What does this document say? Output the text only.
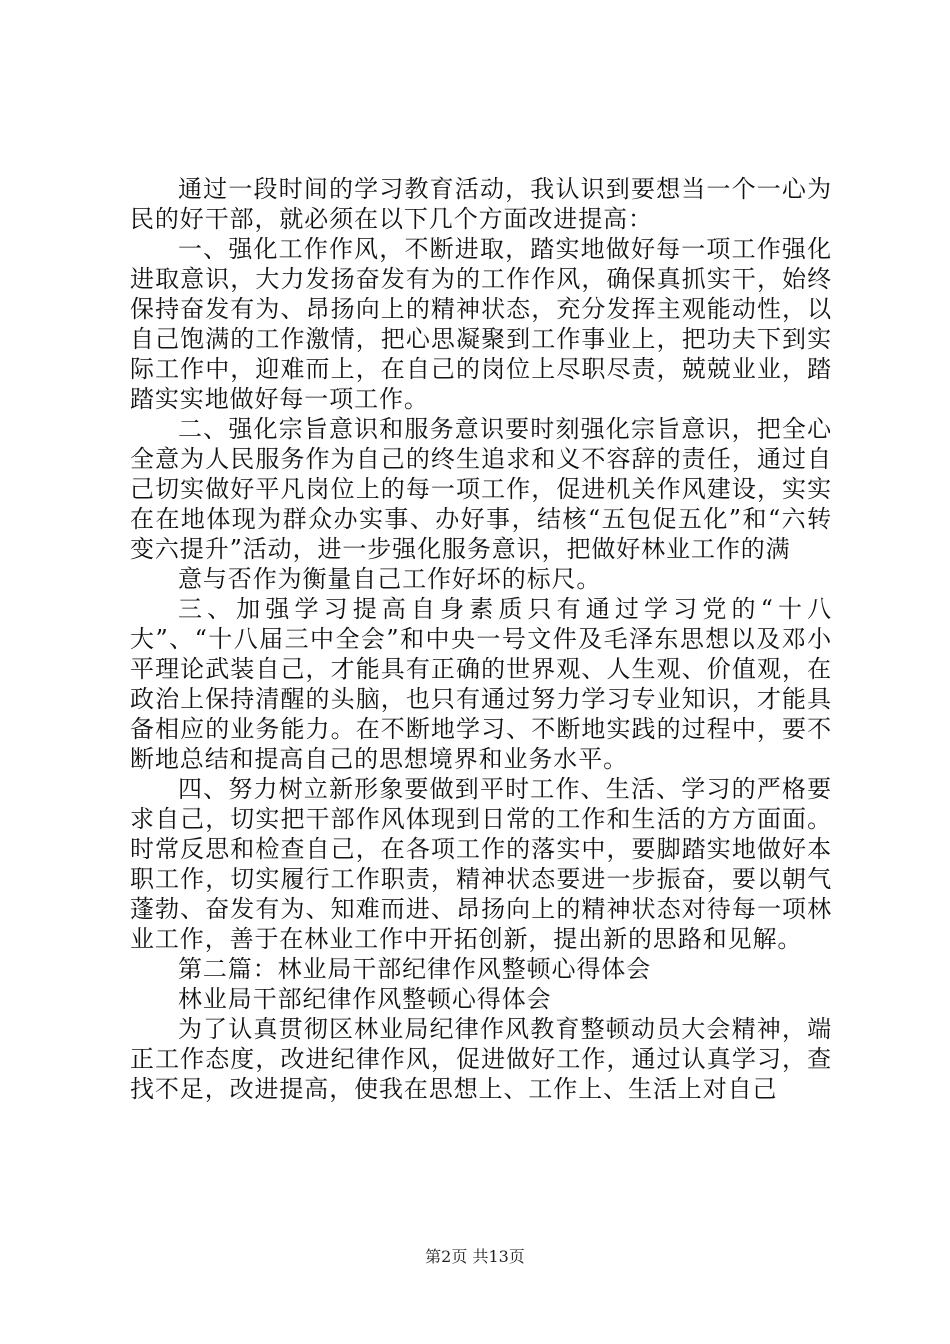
通过一段时间的学习教育活动，我认识到要想当一个一心为民的好干部，就必须在以下几个方面改进提高：

一、强化工作作风，不断进取，踏实地做好每一项工作强化进取意识，大力发扬奋发有为的工作作风，确保真抓实干，始终保持奋发有为、昂扬向上的精神状态，充分发挥主观能动性，以自己饱满的工作激情，把心思凝聚到工作事业上，把功夫下到实际工作中，迎难而上，在自己的岗位上尽职尽责，兢兢业业，踏踏实实地做好每一项工作。

二、强化宗旨意识和服务意识要时刻强化宗旨意识，把全心全意为人民服务作为自己的终生追求和义不容辞的责任，通过自己切实做好平凡岗位上的每一项工作，促进机关作风建设，实实在在地体现为群众办实事、办好事，结核“五包促五化”和“六转变六提升”活动，进一步强化服务意识，把做好林业工作的满

意与否作为衡量自己工作好坏的标尺。

三、加强学习提高自身素质只有通过学习党的“十八大”、“十八届三中全会”和中央一号文件及毛泽东思想以及邓小平理论武装自己，才能具有正确的世界观、人生观、价值观，在政治上保持清醒的头脑，也只有通过努力学习专业知识，才能具备相应的业务能力。在不断地学习、不断地实践的过程中，要不断地总结和提高自己的思想境界和业务水平。

四、努力树立新形象要做到平时工作、生活、学习的严格要求自己，切实把干部作风体现到日常的工作和生活的方方面面。时常反思和检查自己，在各项工作的落实中，要脚踏实地做好本职工作，切实履行工作职责，精神状态要进一步振奋，要以朝气蓬勃、奋发有为、知难而进、昂扬向上的精神状态对待每一项林业工作，善于在林业工作中开拓创新，提出新的思路和见解。

第二篇：林业局干部纪律作风整顿心得体会

林业局干部纪律作风整顿心得体会

为了认真贯彻区林业局纪律作风教育整顿动员大会精神，端正工作态度，改进纪律作风，促进做好工作，通过认真学习，查找不足，改进提高，使我在思想上、工作上、生活上对自己

第2页 共13页
